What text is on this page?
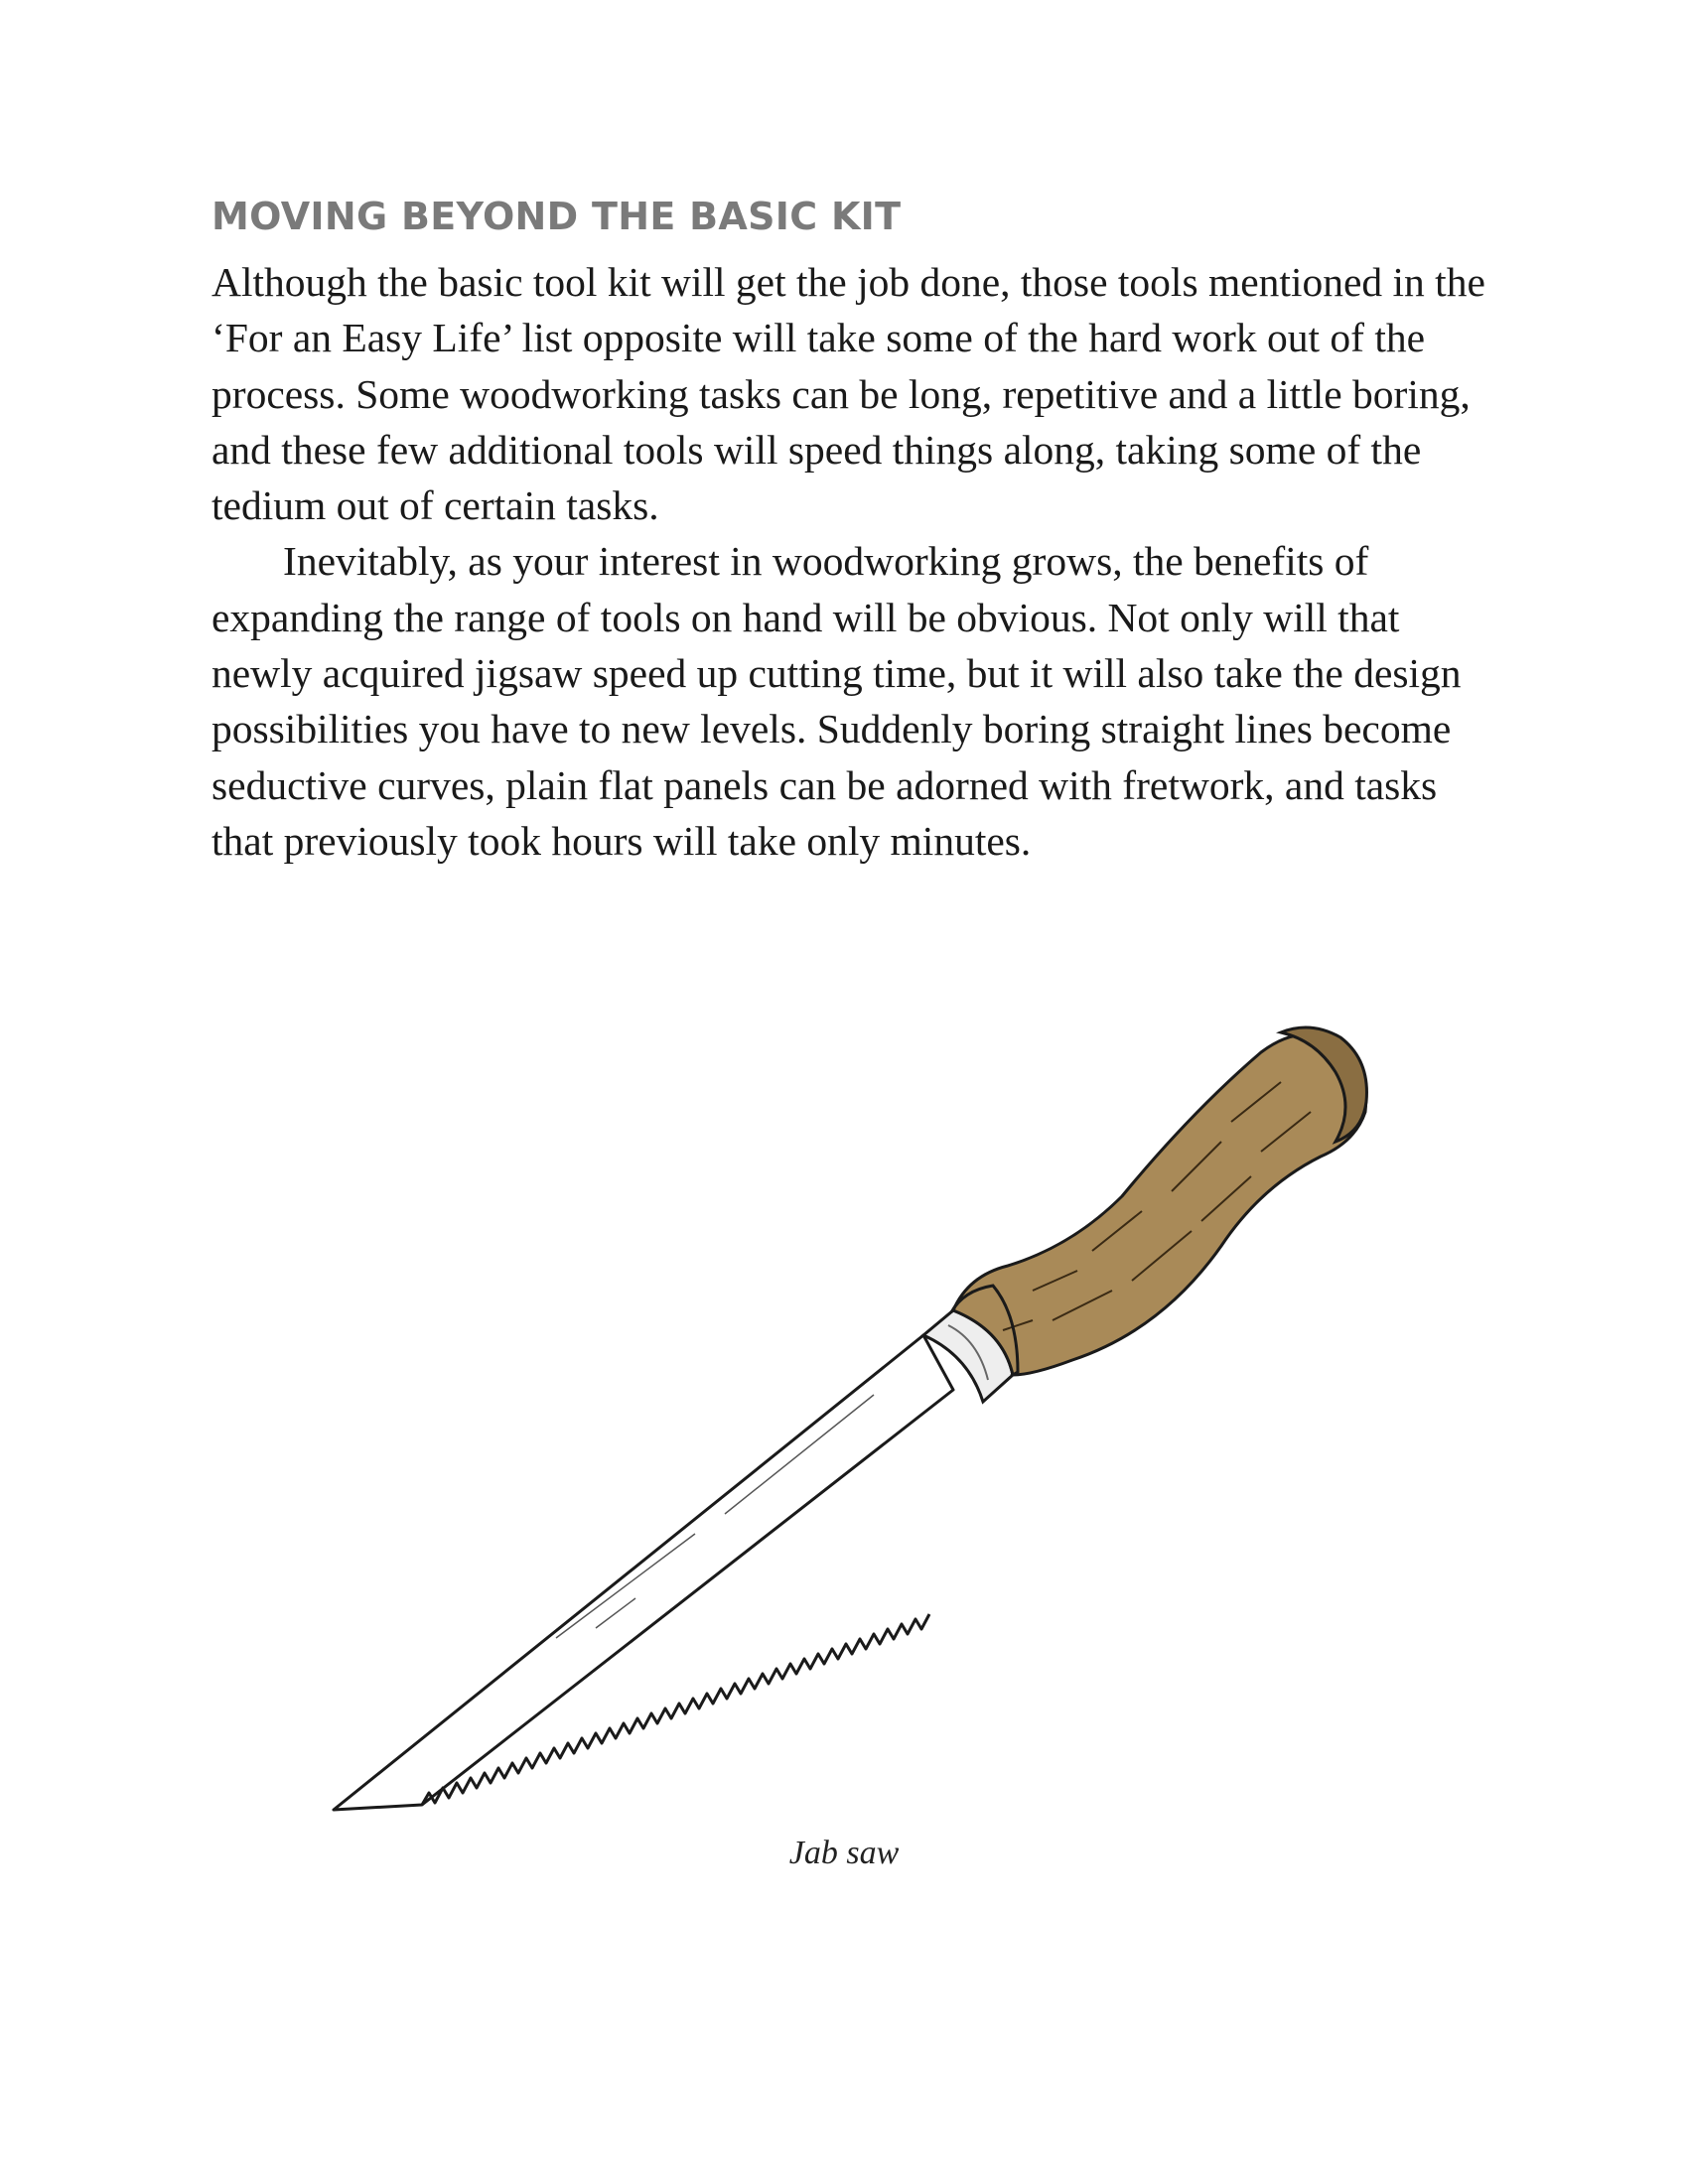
MOVING BEYOND THE BASIC KIT

Although the basic tool kit will get the job done, those tools mentioned in the ‘For an Easy Life’ list opposite will take some of the hard work out of the process. Some woodworking tasks can be long, repetitive and a little boring, and these few additional tools will speed things along, taking some of the tedium out of certain tasks.

Inevitably, as your interest in woodworking grows, the benefits of expanding the range of tools on hand will be obvious. Not only will that newly acquired jigsaw speed up cutting time, but it will also take the design possibilities you have to new levels. Suddenly boring straight lines become seductive curves, plain flat panels can be adorned with fretwork, and tasks that previously took hours will take only minutes.

Jab saw
